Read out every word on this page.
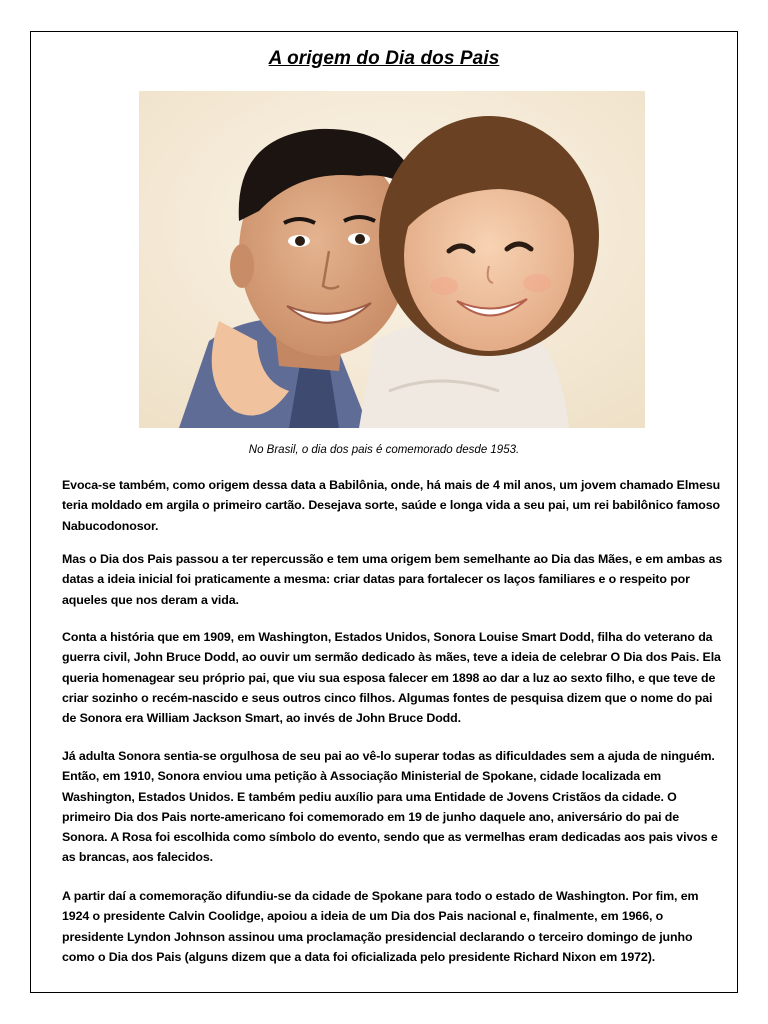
A origem do Dia dos Pais
No Brasil, o dia dos pais é comemorado desde 1953.

Evoca-se também, como origem dessa data a Babilônia, onde, há mais de 4 mil anos, um jovem chamado Elmesu teria moldado em argila o primeiro cartão. Desejava sorte, saúde e longa vida a seu pai, um rei babilônico famoso Nabucodonosor.

Mas o Dia dos Pais passou a ter repercussão e tem uma origem bem semelhante ao Dia das Mães, e em ambas as datas a ideia inicial foi praticamente a mesma: criar datas para fortalecer os laços familiares e o respeito por aqueles que nos deram a vida.

Conta a história que em 1909, em Washington, Estados Unidos, Sonora Louise Smart Dodd, filha do veterano da guerra civil, John Bruce Dodd, ao ouvir um sermão dedicado às mães, teve a ideia de celebrar O Dia dos Pais. Ela queria homenagear seu próprio pai, que viu sua esposa falecer em 1898 ao dar a luz ao sexto filho, e que teve de criar sozinho o recém-nascido e seus outros cinco filhos. Algumas fontes de pesquisa dizem que o nome do pai de Sonora era William Jackson Smart, ao invés de John Bruce Dodd.

Já adulta Sonora sentia-se orgulhosa de seu pai ao vê-lo superar todas as dificuldades sem a ajuda de ninguém. Então, em 1910, Sonora enviou uma petição à Associação Ministerial de Spokane, cidade localizada em Washington, Estados Unidos. E também pediu auxílio para uma Entidade de Jovens Cristãos da cidade. O primeiro Dia dos Pais norte-americano foi comemorado em 19 de junho daquele ano, aniversário do pai de Sonora. A Rosa foi escolhida como símbolo do evento, sendo que as vermelhas eram dedicadas aos pais vivos e as brancas, aos falecidos.

A partir daí a comemoração difundiu-se da cidade de Spokane para todo o estado de Washington. Por fim, em 1924 o presidente Calvin Coolidge, apoiou a ideia de um Dia dos Pais nacional e, finalmente, em 1966, o presidente Lyndon Johnson assinou uma proclamação presidencial declarando o terceiro domingo de junho como o Dia dos Pais (alguns dizem que a data foi oficializada pelo presidente Richard Nixon em 1972).
